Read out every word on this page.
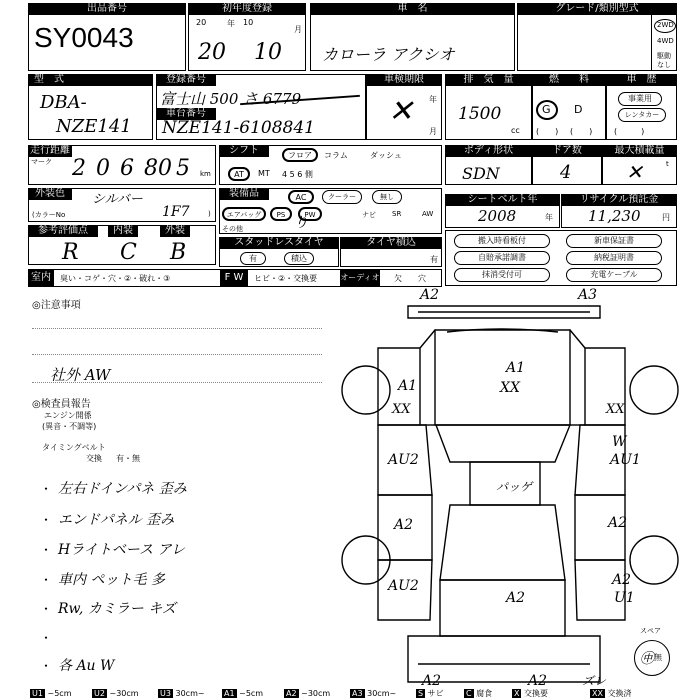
出品番号
SY0043
初年度登録
20	年 10
月
20 10
車　名
カローラ アクシオ
グレード/類別型式
2WD
4WD
駆動
なし
型　式
DBA-
NZE141
登録番号
富士山 500 さ 6779
車台番号
NZE141-6108841
車検期限
✕ 年
月
排　気　量
1500
cc
燃　　料
G D
(　　) (　　)
車　歴
事業用
レンタカー
(　　　)
走行距離
マーク 2 0 6 8 0 5 km
シフト	フロア	コラム	ダッシュ
AT	MT 4 5 6 側
ボディ形状
SDN
ドア数
4
最大積載量
✕	t
外装色	シルバー
(カラーNo	1F7	)
装備品	AC	クーラー	無し
エアバッグ	PS	PW	ナビ SR	AW
その他	り
シートベルト年
2008	年
リサイクル預託金
11,230	円
参考評価点	内装	外装
R C B	スタッドレスタイヤ
有	積込
タイヤ積込
有
搬入時看板付
自賠承諾調書
抹消受付可
新車保証書
納税証明書
充電ケーブル
室内	臭い・コゲ・穴・②・破れ・③	F W	ヒビ・②・交換要	オーディオ 欠 穴
◎注意事項
社外 AW
◎検査員報告
エンジン開係
(異音・不調等)
タイミングベルト
交換 有・無
・ 左右ドインパネ 歪み
・ エンドパネル 歪み
・ Hライトベース アレ
・ 車内 ペット毛 多
・ Rw, カミラー キズ
・
・ 各 Au W
A2	A3
A1
XX
A1
XX	XX
W
AU1
AU2
パッゲ
A2	A2
AU2
A2
A2
U1
A2	A2	ズレ
スペア
無
㊥
U1 ~5cm	U2 ~30cm	U3 30cm~ A1 ~5cm	A2 ~30cm	A3 30cm~	S サビ	C 腐食	X 交換要	XX 交換済
